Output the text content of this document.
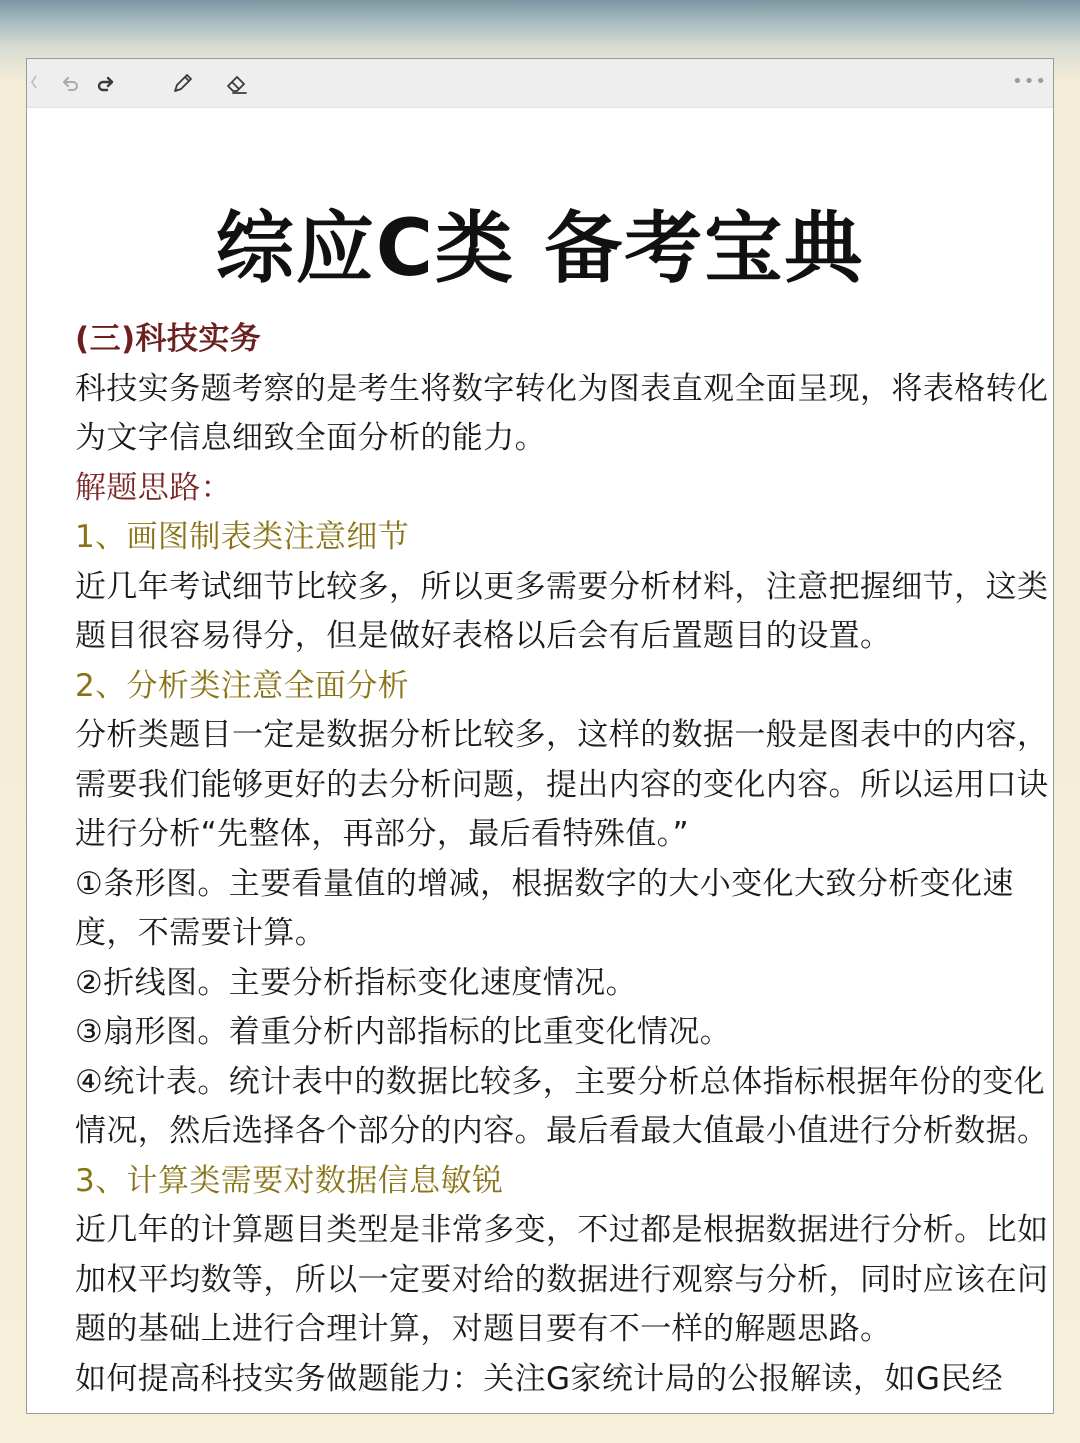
•••
综应C类 备考宝典

(三)科技实务

科技实务题考察的是考生将数字转化为图表直观全面呈现，将表格转化为文字信息细致全面分析的能力。

解题思路：

1、画图制表类注意细节

近几年考试细节比较多，所以更多需要分析材料，注意把握细节，这类题目很容易得分，但是做好表格以后会有后置题目的设置。

2、分析类注意全面分析

分析类题目一定是数据分析比较多，这样的数据一般是图表中的内容，需要我们能够更好的去分析问题，提出内容的变化内容。所以运用口诀进行分析“先整体，再部分，最后看特殊值。”

①条形图。主要看量值的增减，根据数字的大小变化大致分析变化速度，不需要计算。

②折线图。主要分析指标变化速度情况。

③扇形图。着重分析内部指标的比重变化情况。

④统计表。统计表中的数据比较多，主要分析总体指标根据年份的变化情况，然后选择各个部分的内容。最后看最大值最小值进行分析数据。

3、计算类需要对数据信息敏锐

近几年的计算题目类型是非常多变，不过都是根据数据进行分析。比如加权平均数等，所以一定要对给的数据进行观察与分析，同时应该在问题的基础上进行合理计算，对题目要有不一样的解题思路。

如何提高科技实务做题能力：关注G家统计局的公报解读，如G民经
